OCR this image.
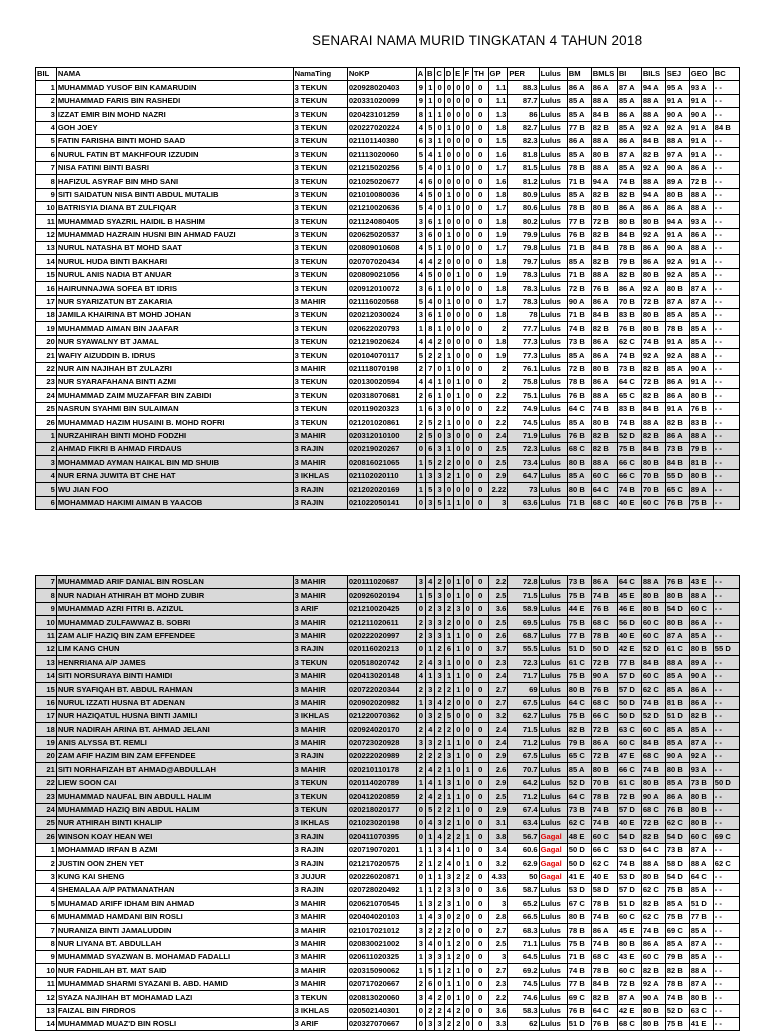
SENARAI NAMA MURID TINGKATAN 4 TAHUN 2018
BIL	NAMA	NamaTing	NoKP	A	B	C	D	E	F	TH	GP	PER	Lulus	BM	BMLS	BI	BILS	SEJ	GEO	BC
1	MUHAMMAD YUSOF BIN KAMARUDIN	3 TEKUN	020928020403	9	1	0	0	0	0	0	1.1	88.3	Lulus	86 A	86 A	87 A	94 A	95 A	93 A	- -
2	MUHAMMAD FARIS BIN RASHEDI	3 TEKUN	020331020099	9	1	0	0	0	0	0	1.1	87.7	Lulus	85 A	88 A	85 A	88 A	91 A	91 A	- -
3	IZZAT EMIR BIN MOHD NAZRI	3 TEKUN	020423101259	8	1	1	0	0	0	0	1.3	86	Lulus	85 A	84 B	86 A	88 A	90 A	90 A	- -
4	GOH JOEY	3 TEKUN	020227020224	4	5	0	1	0	0	0	1.8	82.7	Lulus	77 B	82 B	85 A	92 A	92 A	91 A	84 B
5	FATIN FARISHA BINTI MOHD SAAD	3 TEKUN	021101140380	6	3	1	0	0	0	0	1.5	82.3	Lulus	86 A	88 A	86 A	84 B	88 A	91 A	- -
6	NURUL FATIN BT MAKHFOUR IZZUDIN	3 TEKUN	021113020060	5	4	1	0	0	0	0	1.6	81.8	Lulus	85 A	80 B	87 A	82 B	97 A	91 A	- -
7	NISA FATINI BINTI BASRI	3 TEKUN	021215020256	5	4	0	1	0	0	0	1.7	81.5	Lulus	78 B	88 A	85 A	92 A	90 A	86 A	- -
8	HAFIZUL ASYRAF BIN MHD SANI	3 TEKUN	021025020677	4	6	0	0	0	0	0	1.6	81.2	Lulus	71 B	94 A	74 B	88 A	89 A	72 B	- -
9	SITI SAIDATUN NISA BINTI ABDUL MUTALIB	3 TEKUN	021010080036	4	5	0	1	0	0	0	1.8	80.9	Lulus	85 A	82 B	82 B	94 A	80 B	88 A	- -
10	BATRISYIA DIANA BT ZULFIQAR	3 TEKUN	021210020636	5	4	0	1	0	0	0	1.7	80.6	Lulus	78 B	80 B	86 A	86 A	86 A	88 A	- -
11	MUHAMMAD SYAZRIL HAIDIL B HASHIM	3 TEKUN	021124080405	3	6	1	0	0	0	0	1.8	80.2	Lulus	77 B	72 B	80 B	80 B	94 A	93 A	- -
12	MUHAMMAD HAZRAIN HUSNI BIN AHMAD FAUZI	3 TEKUN	020625020537	3	6	0	1	0	0	0	1.9	79.9	Lulus	76 B	82 B	84 B	92 A	91 A	86 A	- -
13	NURUL NATASHA BT MOHD SAAT	3 TEKUN	020809010608	4	5	1	0	0	0	0	1.7	79.8	Lulus	71 B	84 B	78 B	86 A	90 A	88 A	- -
14	NURUL HUDA BINTI BAKHARI	3 TEKUN	020707020434	4	4	2	0	0	0	0	1.8	79.7	Lulus	85 A	82 B	79 B	86 A	92 A	91 A	- -
15	NURUL ANIS NADIA BT ANUAR	3 TEKUN	020809021056	4	5	0	0	1	0	0	1.9	78.3	Lulus	71 B	88 A	82 B	80 B	92 A	85 A	- -
16	HAIRUNNAJWA SOFEA BT IDRIS	3 TEKUN	020912010072	3	6	1	0	0	0	0	1.8	78.3	Lulus	72 B	76 B	86 A	92 A	80 B	87 A	- -
17	NUR SYARIZATUN BT ZAKARIA	3 MAHIR	021116020568	5	4	0	1	0	0	0	1.7	78.3	Lulus	90 A	86 A	70 B	72 B	87 A	87 A	- -
18	JAMILA KHAIRINA BT MOHD JOHAN	3 TEKUN	020212030024	3	6	1	0	0	0	0	1.8	78	Lulus	71 B	84 B	83 B	80 B	85 A	85 A	- -
19	MUHAMMAD AIMAN BIN JAAFAR	3 TEKUN	020622020793	1	8	1	0	0	0	0	2	77.7	Lulus	74 B	82 B	76 B	80 B	78 B	85 A	- -
20	NUR SYAWALNY BT JAMAL	3 TEKUN	021219020624	4	4	2	0	0	0	0	1.8	77.3	Lulus	73 B	86 A	62 C	74 B	91 A	85 A	- -
21	WAFIY AIZUDDIN B. IDRUS	3 TEKUN	020104070117	5	2	2	1	0	0	0	1.9	77.3	Lulus	85 A	86 A	74 B	92 A	92 A	88 A	- -
22	NUR AIN NAJIHAH BT ZULAZRI	3 MAHIR	021118070198	2	7	0	1	0	0	0	2	76.1	Lulus	72 B	80 B	73 B	82 B	85 A	90 A	- -
23	NUR SYARAFAHANA BINTI AZMI	3 TEKUN	020130020594	4	4	1	0	1	0	0	2	75.8	Lulus	78 B	86 A	64 C	72 B	86 A	91 A	- -
24	MUHAMMAD ZAIM MUZAFFAR BIN ZABIDI	3 TEKUN	020318070681	2	6	1	0	1	0	0	2.2	75.1	Lulus	76 B	88 A	65 C	82 B	86 A	80 B	- -
25	NASRUN SYAHMI BIN SULAIMAN	3 TEKUN	020119020323	1	6	3	0	0	0	0	2.2	74.9	Lulus	64 C	74 B	83 B	84 B	91 A	76 B	- -
26	MUHAMMAD HAZIM HUSAINI B. MOHD ROFRI	3 TEKUN	021201020861	2	5	2	1	0	0	0	2.2	74.5	Lulus	85 A	80 B	74 B	88 A	82 B	83 B	- -
1	NURZAHIRAH BINTI MOHD FODZHI	3 MAHIR	020312010100	2	5	0	3	0	0	0	2.4	71.9	Lulus	76 B	82 B	52 D	82 B	86 A	88 A	- -
2	AHMAD FIKRI B AHMAD FIRDAUS	3 RAJIN	020219020267	0	6	3	1	0	0	0	2.5	72.3	Lulus	68 C	82 B	75 B	84 B	73 B	79 B	- -
3	MOHAMMAD AYMAN HAIKAL BIN MD SHUIB	3 MAHIR	020816021065	1	5	2	2	0	0	0	2.5	73.4	Lulus	80 B	88 A	66 C	80 B	84 B	81 B	- -
4	NUR ERNA JUWITA BT CHE HAT	3 IKHLAS	021102020110	1	3	3	2	1	0	0	2.9	64.7	Lulus	85 A	60 C	66 C	70 B	55 D	80 B	- -
5	WU JIAN FOO	3 RAJIN	021202020169	1	5	3	0	0	0	0	2.22	73	Lulus	80 B	64 C	74 B	70 B	65 C	89 A	- -
6	MOHAMMAD HAKIMI AIMAN B YAACOB	3 RAJIN	021022050141	0	3	5	1	1	0	0	3	63.6	Lulus	71 B	68 C	40 E	60 C	76 B	75 B	- -
7	MUHAMMAD ARIF DANIAL BIN ROSLAN	3 MAHIR	020111020687	3	4	2	0	1	0	0	2.2	72.8	Lulus	73 B	86 A	64 C	88 A	76 B	43 E	- -
8	NUR NADIAH ATHIRAH BT MOHD ZUBIR	3 MAHIR	020926020194	1	5	3	0	1	0	0	2.5	71.5	Lulus	75 B	74 B	45 E	80 B	80 B	88 A	- -
9	MUHAMMAD AZRI FITRI B. AZIZUL	3 ARIF	021210020425	0	2	3	2	3	0	0	3.6	58.9	Lulus	44 E	76 B	46 E	80 B	54 D	60 C	- -
10	MUHAMMAD ZULFAWWAZ B. SOBRI	3 MAHIR	021211020611	2	3	3	2	0	0	0	2.5	69.5	Lulus	75 B	68 C	56 D	60 C	80 B	86 A	- -
11	ZAM ALIF HAZIQ BIN ZAM EFFENDEE	3 MAHIR	020222020997	2	3	3	1	1	0	0	2.6	68.7	Lulus	77 B	78 B	40 E	60 C	87 A	85 A	- -
12	LIM KANG CHUN	3 RAJIN	020116020213	0	1	2	6	1	0	0	3.7	55.5	Lulus	51 D	50 D	42 E	52 D	61 C	80 B	55 D
13	HENRRIANA A/P JAMES	3 TEKUN	020518020742	2	4	3	1	0	0	0	2.3	72.3	Lulus	61 C	72 B	77 B	84 B	88 A	89 A	- -
14	SITI NORSURAYA BINTI HAMIDI	3 MAHIR	020413020148	4	1	3	1	1	0	0	2.4	71.7	Lulus	75 B	90 A	57 D	60 C	85 A	90 A	- -
15	NUR SYAFIQAH BT. ABDUL RAHMAN	3 MAHIR	020722020344	2	3	2	2	1	0	0	2.7	69	Lulus	80 B	76 B	57 D	62 C	85 A	86 A	- -
16	NURUL IZZATI HUSNA BT ADENAN	3 MAHIR	020902020982	1	3	4	2	0	0	0	2.7	67.5	Lulus	64 C	68 C	50 D	74 B	81 B	86 A	- -
17	NUR HAZIQATUL HUSNA BINTI JAMILI	3 IKHLAS	021220070362	0	3	2	5	0	0	0	3.2	62.7	Lulus	75 B	66 C	50 D	52 D	51 D	82 B	- -
18	NUR NADIRAH ARINA BT. AHMAD JELANI	3 MAHIR	020924020170	2	4	2	2	0	0	0	2.4	71.5	Lulus	82 B	72 B	63 C	60 C	85 A	85 A	- -
19	ANIS ALYSSA BT. REMLI	3 MAHIR	020723020928	3	3	2	1	1	0	0	2.4	71.2	Lulus	79 B	86 A	60 C	84 B	85 A	87 A	- -
20	ZAM AFIF HAZIM BIN ZAM EFFENDEE	3 RAJIN	020222020989	2	2	2	3	1	0	0	2.9	67.5	Lulus	65 C	72 B	47 E	68 C	90 A	92 A	- -
21	SITI NORHAFIZAH BT AHMAD@ABDULLAH	3 MAHIR	020210110178	2	4	2	1	0	1	0	2.6	70.7	Lulus	85 A	80 B	66 C	74 B	80 B	93 A	- -
22	LIEW SOON CAI	3 TEKUN	020114020789	1	4	1	3	1	0	0	2.9	64.2	Lulus	52 D	70 B	61 C	80 B	85 A	73 B	50 D
23	MUHAMMAD NAUFAL BIN ABDULL HALIM	3 TEKUN	020412020859	2	4	2	1	1	0	0	2.5	71.2	Lulus	64 C	78 B	72 B	90 A	86 A	80 B	- -
24	MUHAMMAD HAZIQ BIN ABDUL HALIM	3 TEKUN	020218020177	0	5	2	2	1	0	0	2.9	67.4	Lulus	73 B	74 B	57 D	68 C	76 B	80 B	- -
25	NUR ATHIRAH BINTI KHALIP	3 IKHLAS	021023020198	0	4	3	2	1	0	0	3.1	63.4	Lulus	62 C	74 B	40 E	72 B	62 C	80 B	- -
26	WINSON KOAY HEAN WEI	3 RAJIN	020411070395	0	1	4	2	2	1	0	3.8	56.7	Gagal	48 E	60 C	54 D	82 B	54 D	60 C	69 C
1	MOHAMMAD IRFAN B AZMI	3 RAJIN	020719070201	1	1	3	4	1	0	0	3.4	60.6	Gagal	50 D	66 C	53 D	64 C	73 B	87 A	- -
2	JUSTIN OON ZHEN YET	3 RAJIN	021217020575	2	1	2	4	0	1	0	3.2	62.9	Gagal	50 D	62 C	74 B	88 A	58 D	88 A	62 C
3	KUNG KAI SHENG	3 JUJUR	020226020871	0	1	1	3	2	2	0	4.33	50	Gagal	41 E	40 E	53 D	80 B	54 D	64 C	- -
4	SHEMALAA A/P PATMANATHAN	3 RAJIN	020728020492	1	1	2	3	3	0	0	3.6	58.7	Lulus	53 D	58 D	57 D	62 C	75 B	85 A	- -
5	MUHAMAD ARIFF IDHAM BIN AHMAD	3 MAHIR	020621070545	1	3	2	3	1	0	0	3	65.2	Lulus	67 C	78 B	51 D	82 B	85 A	51 D	- -
6	MUHAMMAD HAMDANI BIN ROSLI	3 MAHIR	020404020103	1	4	3	0	2	0	0	2.8	66.5	Lulus	80 B	74 B	60 C	62 C	75 B	77 B	- -
7	NURANIZA BINTI JAMALUDDIN	3 MAHIR	021017021012	3	2	2	2	0	0	0	2.7	68.3	Lulus	78 B	86 A	45 E	74 B	69 C	85 A	- -
8	NUR LIYANA BT. ABDULLAH	3 MAHIR	020830021002	3	4	0	1	2	0	0	2.5	71.1	Lulus	75 B	74 B	80 B	86 A	85 A	87 A	- -
9	MUHAMMAD SYAZWAN B. MOHAMAD FADALLI	3 MAHIR	020611020325	1	3	3	1	2	0	0	3	64.5	Lulus	71 B	68 C	43 E	60 C	79 B	85 A	- -
10	NUR FADHILAH BT. MAT SAID	3 MAHIR	020315090062	1	5	1	2	1	0	0	2.7	69.2	Lulus	74 B	78 B	60 C	82 B	82 B	88 A	- -
11	MUHAMMAD SHARMI SYAZANI B. ABD. HAMID	3 MAHIR	020717020667	2	6	0	1	1	0	0	2.3	74.5	Lulus	77 B	84 B	72 B	92 A	78 B	87 A	- -
12	SYAZA NAJIHAH BT MOHAMAD LAZI	3 TEKUN	020813020060	3	4	2	0	1	0	0	2.2	74.6	Lulus	69 C	82 B	87 A	90 A	74 B	80 B	- -
13	FAIZAL BIN FIRDROS	3 IKHLAS	020502140301	0	2	2	4	2	0	0	3.6	58.3	Lulus	76 B	64 C	42 E	80 B	52 D	63 C	- -
14	MUHAMMAD MUAZ'D BIN ROSLI	3 ARIF	020327070667	0	3	3	2	2	0	0	3.3	62	Lulus	51 D	76 B	68 C	80 B	75 B	41 E	- -
